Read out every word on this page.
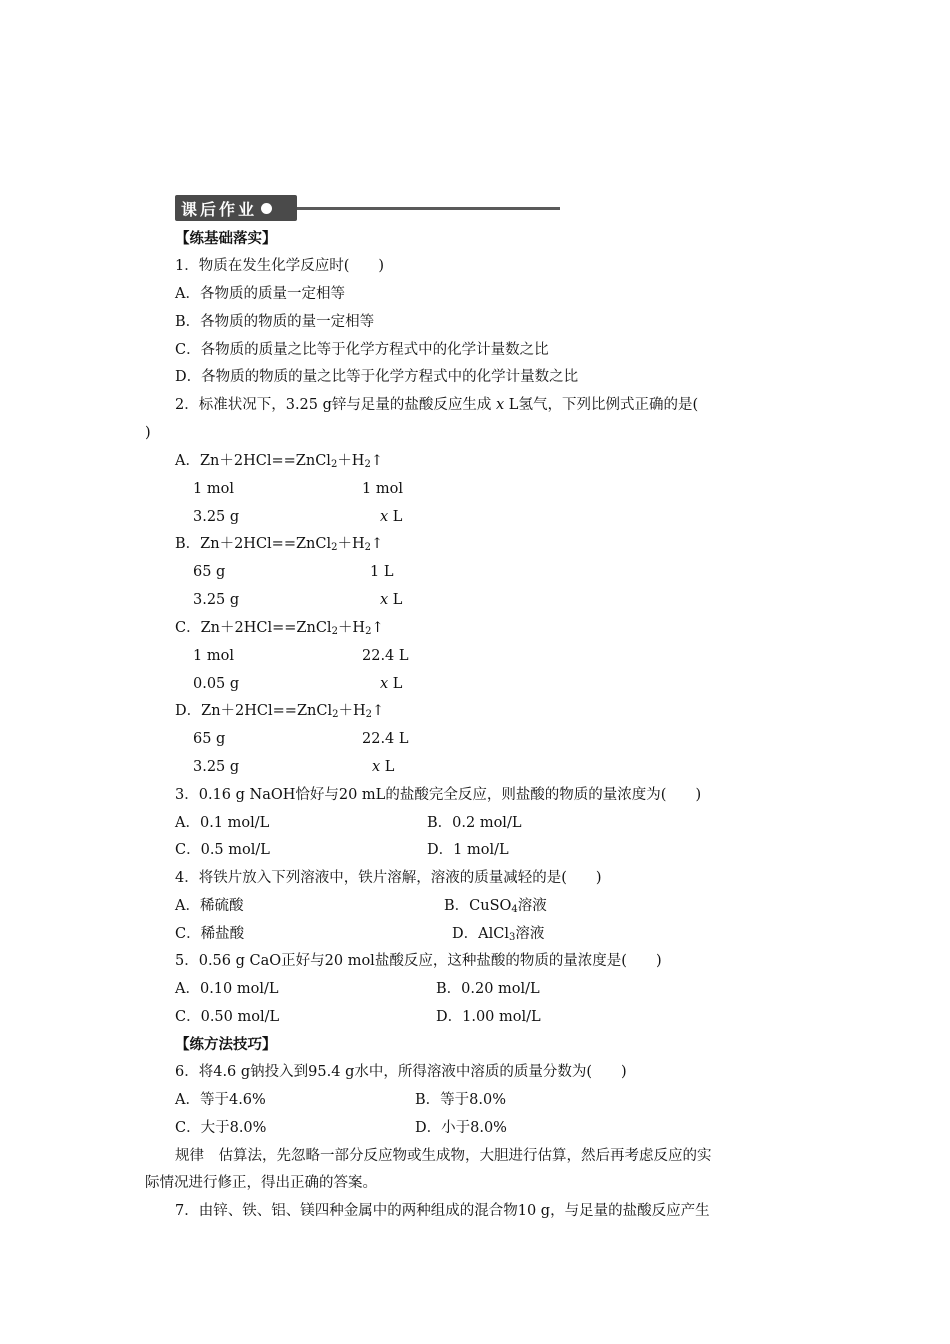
课后作业
【练基础落实】
1．物质在发生化学反应时(　　)
A．各物质的质量一定相等
B．各物质的物质的量一定相等
C．各物质的质量之比等于化学方程式中的化学计量数之比
D．各物质的物质的量之比等于化学方程式中的化学计量数之比
2．标准状况下，3.25 g锌与足量的盐酸反应生成 x L氢气，下列比例式正确的是(
)
A．$Zn+2HCl==ZnCl_2+H_2↑$
1 mol	1 mol
3.25 g	x L
B．$Zn+2HCl==ZnCl_2+H_2↑$
65 g	1 L
3.25 g	x L
C．$Zn+2HCl==ZnCl_2+H_2↑$
1 mol	22.4 L
0.05 g	x L
D．$Zn+2HCl==ZnCl_2+H_2↑$
65 g	22.4 L
3.25 g	x L
3．0.16 g NaOH恰好与20 mL的盐酸完全反应，则盐酸的物质的量浓度为(　　)
A．0.1 mol/L	B．0.2 mol/L
C．0.5 mol/L	D．1 mol/L
4．将铁片放入下列溶液中，铁片溶解，溶液的质量减轻的是(　　)
A．稀硫酸	B．CuSO$_4$溶液
C．稀盐酸	D．AlCl$_3$溶液
5．0.56 g CaO正好与20 mol盐酸反应，这种盐酸的物质的量浓度是(　　)
A．0.10 mol/L	B．0.20 mol/L
C．0.50 mol/L	D．1.00 mol/L
【练方法技巧】
6．将4.6 g钠投入到95.4 g水中，所得溶液中溶质的质量分数为(　　)
A．等于4.6%	B．等于8.0%
C．大于8.0%	D．小于8.0%
规律　估算法，先忽略一部分反应物或生成物，大胆进行估算，然后再考虑反应的实
际情况进行修正，得出正确的答案。
7．由锌、铁、铝、镁四种金属中的两种组成的混合物10 g，与足量的盐酸反应产生
